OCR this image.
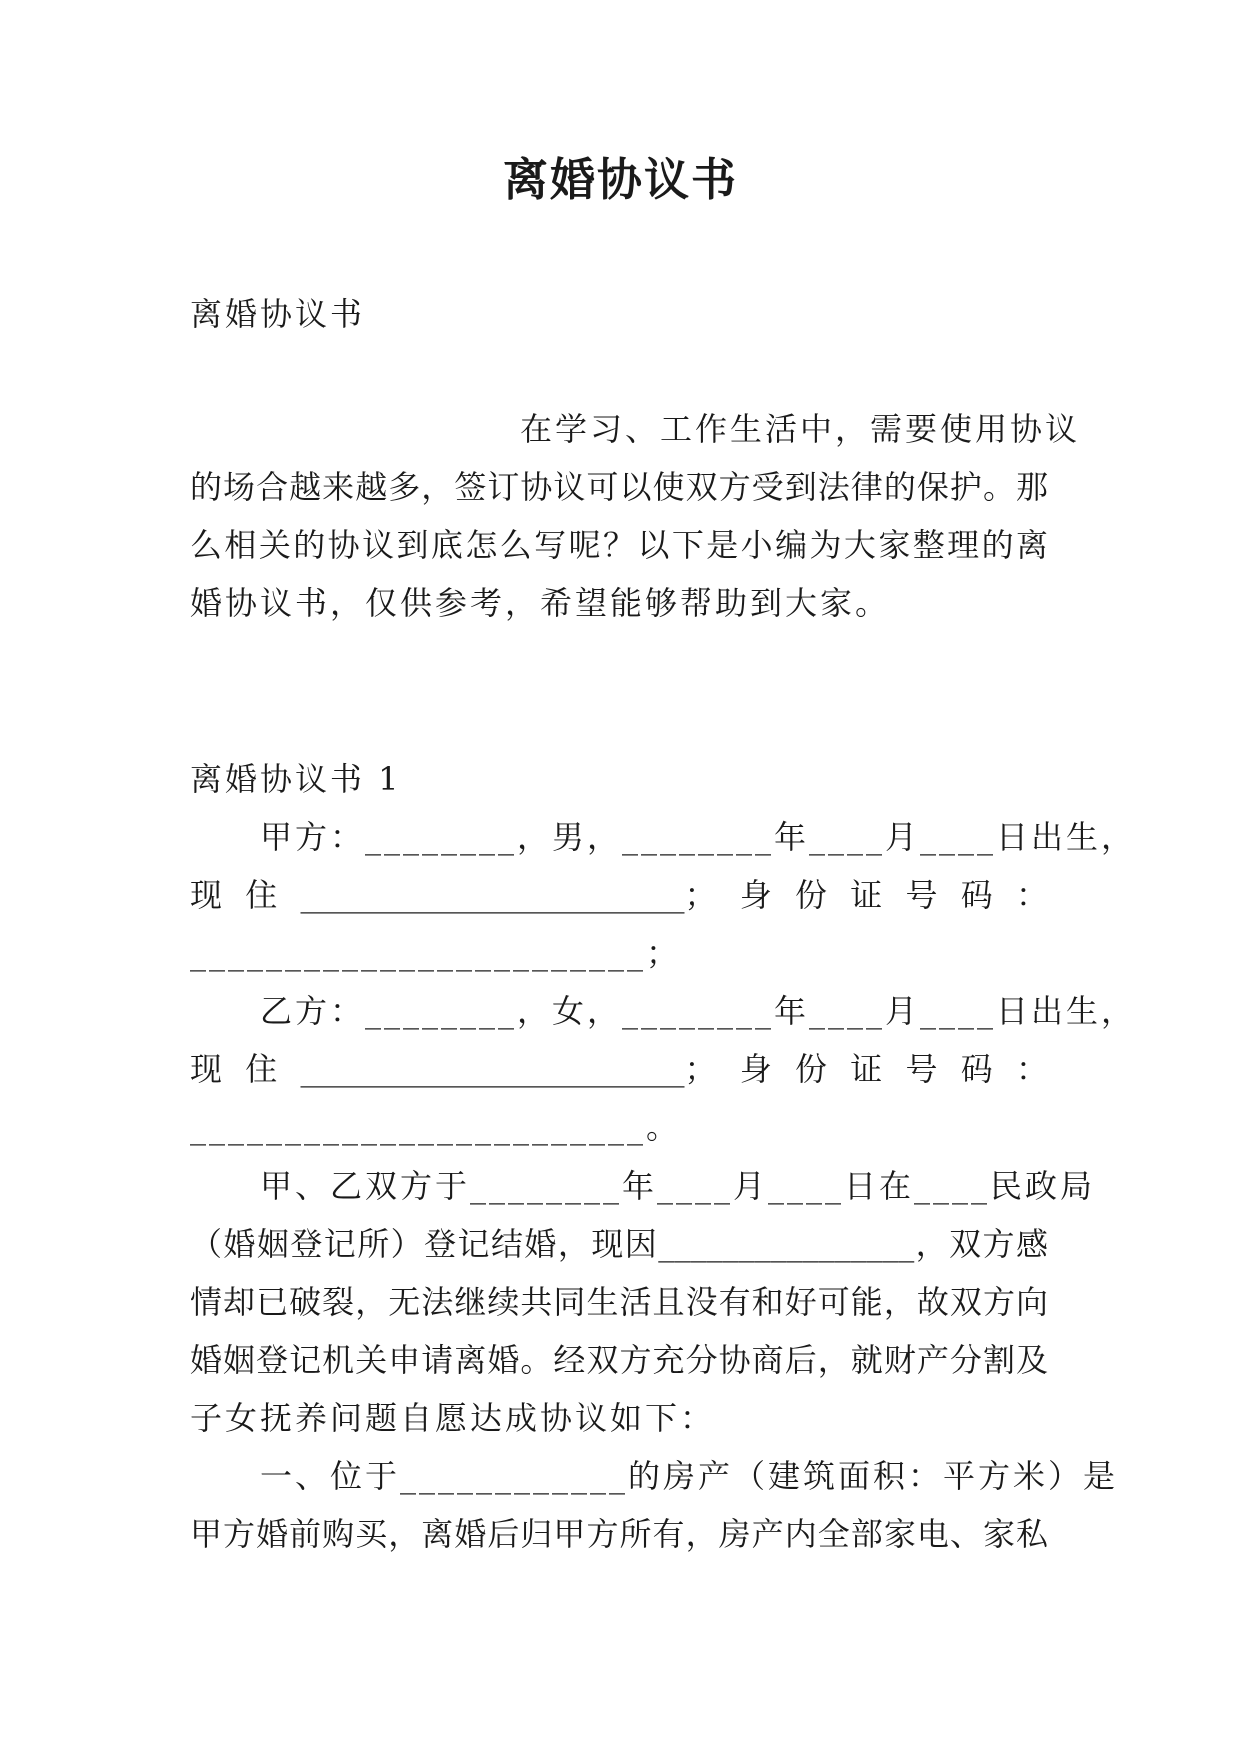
离婚协议书
离婚协议书
在学习、工作生活中，需要使用协议
的场合越来越多，签订协议可以使双方受到法律的保护。那
么相关的协议到底怎么写呢？以下是小编为大家整理的离
婚协议书，仅供参考，希望能够帮助到大家。
离婚协议书 1
甲方：________，男，________年____月____日出生，
现住________________________；身份证号码：
________________________；
乙方：________，女，________年____月____日出生，
现住________________________；身份证号码：
________________________。
甲、乙双方于________年____月____日在____民政局
（婚姻登记所）登记结婚，现因________________，双方感
情却已破裂，无法继续共同生活且没有和好可能，故双方向
婚姻登记机关申请离婚。经双方充分协商后，就财产分割及
子女抚养问题自愿达成协议如下：
一、位于____________的房产（建筑面积：平方米）是
甲方婚前购买，离婚后归甲方所有，房产内全部家电、家私
